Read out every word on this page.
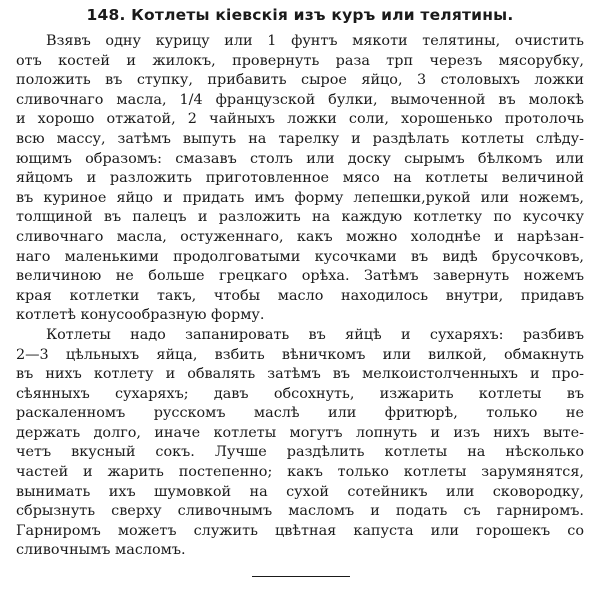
148. Котлеты кіевскія изъ куръ или телятины.
Взявъ одну курицу или 1 фунтъ мякоти телятины, очистить
отъ костей и жилокъ, провернуть раза трп черезъ мясорубку,
положить въ ступку, прибавить сырое яйцо, 3 столовыхъ ложки
сливочнаго масла, 1/4 французской булки, вымоченной въ молокѣ
и хорошо отжатой, 2 чайныхъ ложки соли, хорошенько протолочь
всю массу, затѣмъ выпуть на тарелку и раздѣлать котлеты слѣду-
ющимъ образомъ: смазавъ столъ или доску сырымъ бѣлкомъ или
яйцомъ и разложить приготовленное мясо на котлеты величиной
въ куриное яйцо и придать имъ форму лепешки,рукой или ножемъ,
толщиной въ палецъ и разложить на каждую котлетку по кусочку
сливочнаго масла, остуженнаго, какъ можно холоднѣе и нарѣзан-
наго маленькими продолговатыми кусочками въ видѣ брусочковъ,
величиною не больше грецкаго орѣха. Затѣмъ завернуть ножемъ
края котлетки такъ, чтобы масло находилось внутри, придавъ
котлетѣ конусообразную форму.
Котлеты надо запанировать въ яйцѣ и сухаряхъ: разбивъ
2—3 цѣльныхъ яйца, взбить вѣничкомъ или вилкой, обмакнуть
въ нихъ котлету и обвалять затѣмъ въ мелкоистолченныхъ и про-
сѣянныхъ сухаряхъ; давъ обсохнуть, изжарить котлеты въ
раскаленномъ русскомъ маслѣ или фритюрѣ, только не
держать долго, иначе котлеты могутъ лопнуть и изъ нихъ выте-
четъ вкусный сокъ. Лучше раздѣлить котлеты на нѣсколько
частей и жарить постепенно; какъ только котлеты зарумянятся,
вынимать ихъ шумовкой на сухой сотейникъ или сковородку,
сбрызнуть сверху сливочнымъ масломъ и подать съ гарниромъ.
Гарниромъ можетъ служить цвѣтная капуста или горошекъ со
сливочнымъ масломъ.
